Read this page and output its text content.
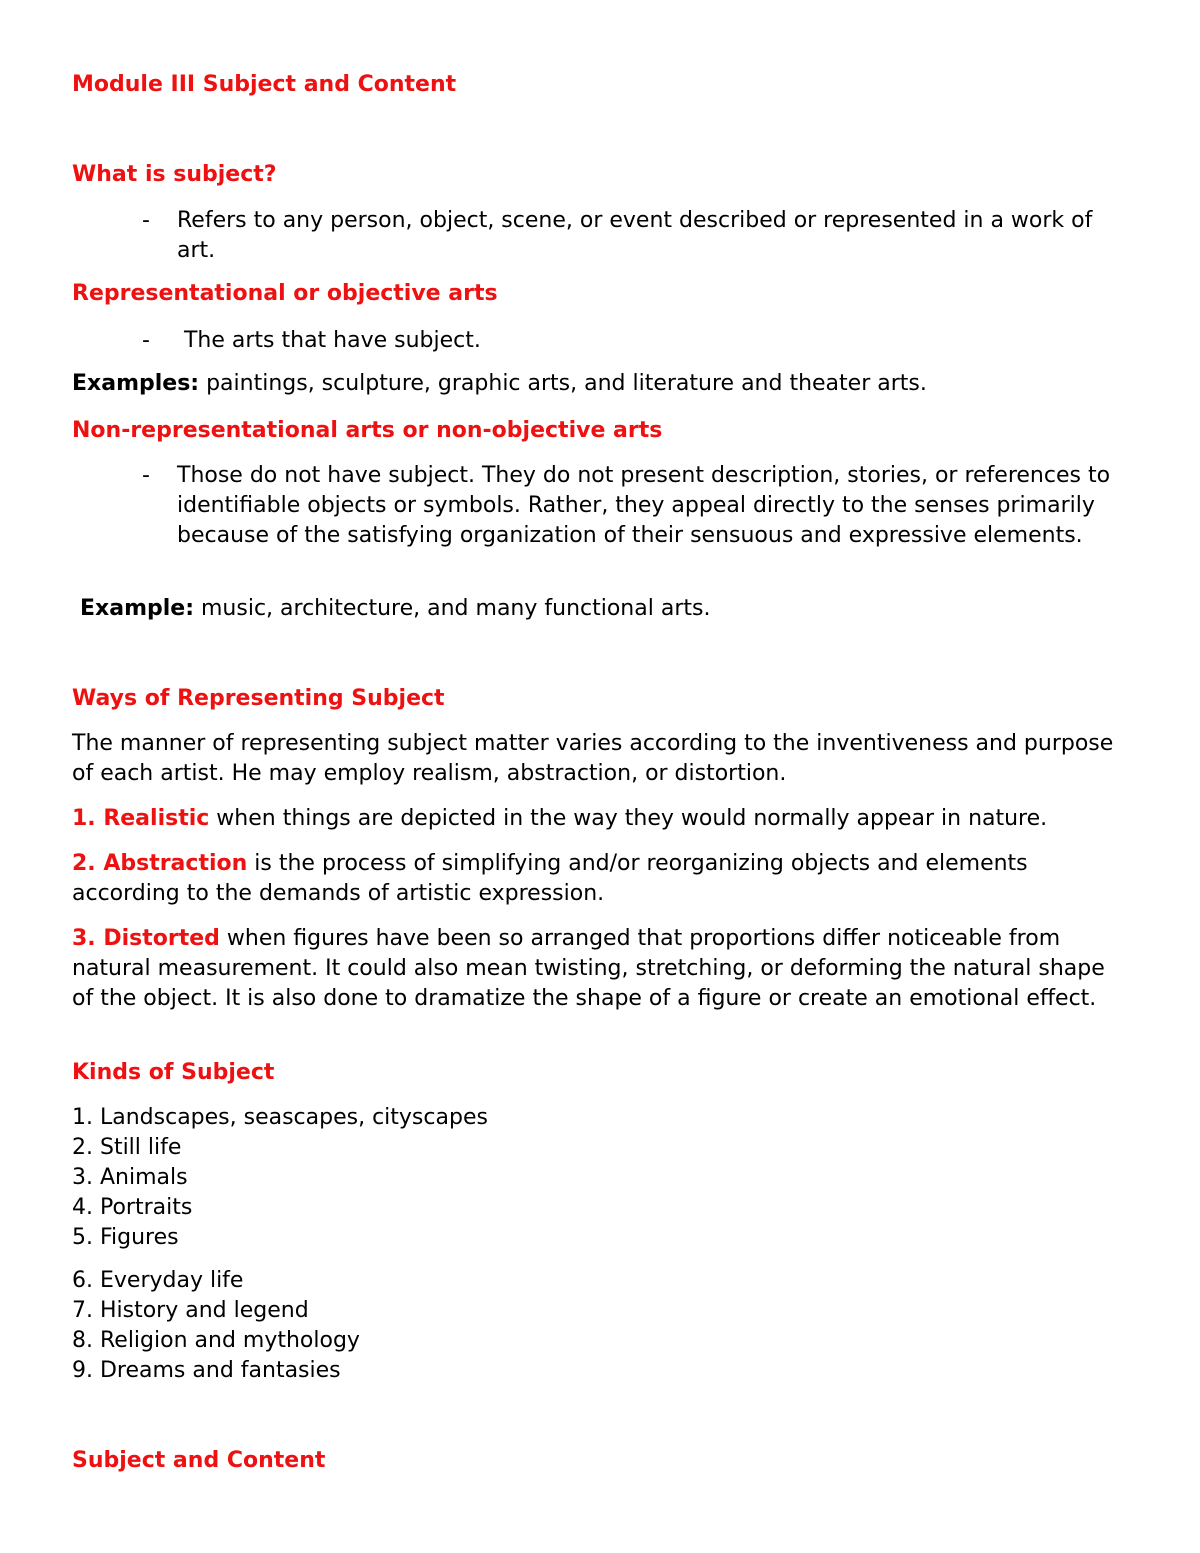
Module III Subject and Content

What is subject?

- Refers to any person, object, scene, or event described or represented in a work of art.

Representational or objective arts

- The arts that have subject.

Examples: paintings, sculpture, graphic arts, and literature and theater arts.

Non-representational arts or non-objective arts

- Those do not have subject. They do not present description, stories, or references to identifiable objects or symbols. Rather, they appeal directly to the senses primarily because of the satisfying organization of their sensuous and expressive elements.

Example: music, architecture, and many functional arts.

Ways of Representing Subject

The manner of representing subject matter varies according to the inventiveness and purpose of each artist. He may employ realism, abstraction, or distortion.

1. Realistic when things are depicted in the way they would normally appear in nature.

2. Abstraction is the process of simplifying and/or reorganizing objects and elements according to the demands of artistic expression.

3. Distorted when figures have been so arranged that proportions differ noticeable from natural measurement. It could also mean twisting, stretching, or deforming the natural shape of the object. It is also done to dramatize the shape of a figure or create an emotional effect.

Kinds of Subject

1. Landscapes, seascapes, cityscapes

2. Still life

3. Animals

4. Portraits

5. Figures

6. Everyday life

7. History and legend

8. Religion and mythology

9. Dreams and fantasies

Subject and Content
